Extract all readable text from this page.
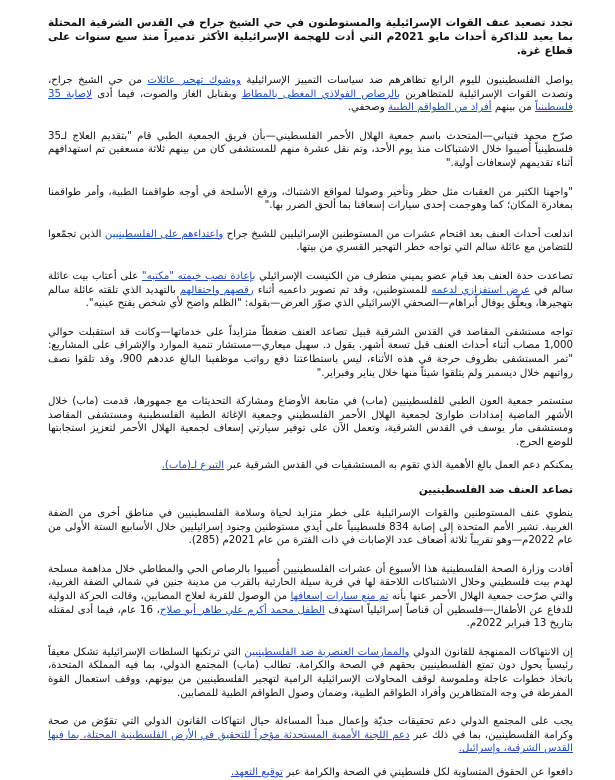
تجدد تصعيد عنف القوات الإسرائيلية والمستوطنون في حي الشيخ جراح في القدس الشرقية المحتلة بما يعيد للذاكرة أحداث مايو 2021م التي أدت للهجمة الإسرائيلية الأكثر تدميراً منذ سبع سنوات على قطاع غزة.

يواصل الفلسطينيون لليوم الرابع تظاهرهم ضد سياسات التمييز الإسرائيلية ووشوك تهجير عائلات من حي الشيخ جراح، وتصدت القوات الإسرائيلية للمتظاهرين بالرصاص الفولاذي المغطى بالمطاط وبقنابل الغاز والصوت، فيما أدى لإصابة 35 فلسطينياً من بينهم أفراد من الطواقم الطبية وصحفي.

صرّح محمد فتياني—المتحدث باسم جمعية الهلال الأحمر الفلسطيني—بأن فريق الجمعية الطبي قام "بتقديم العلاج لـ35 فلسطينياً أُصيبوا خلال الاشتباكات منذ يوم الأحد، وتم نقل عشرة منهم للمستشفى كان من بينهم ثلاثة مسعفين تم استهدافهم أثناء تقديمهم لإسعافات أولية."

"واجهنا الكثير من العقبات مثل حظر وتأخير وصولنا لمواقع الاشتباك، ورفع الأسلحة في أوجه طواقمنا الطبية، وأمر طواقمنا بمغادرة المكان؛ كما وهوجمت إحدى سيارات إسعافنا بما ألحق الضرر بها."

اندلعت أحداث العنف بعد اقتحام عشرات من المستوطنين الإسرائيليين للشيخ جراح واعتداءهم على الفلسطينيين الذين تجمّعوا للتضامن مع عائلة سالم التي تواجه خطر التهجير القسري من بيتها.

تصاعدت حدة العنف بعد قيام عضو يميني متطرف من الكنيست الإسرائيلي بإعادة نصب خيمته "مكتبه" على أعتاب بيت عائلة سالم في عرض استفزازي لدعمه للمستوطنين، وقد تم تصوير داعميه أثناء رقصهم واحتفالهم بالتهديد الذي تلقته عائلة سالم بتهجيرها، ويعلّق يوفال أبراهام—الصحفي الإسرائيلي الذي صوّر العرض—بقوله: "الظلم واضح لأي شخص يفتح عينيه".

تواجه مستشفى المقاصد في القدس الشرقية قبيل تصاعد العنف ضغطاً متزايداً على خدماتها—وكانت قد استقبلت حوالي 1,000 مصاب أثناء أحداث العنف قبل تسعة أشهر. يقول د. سهيل ميعاري—مستشار تنمية الموارد والإشراف على المشاريع: "تمر المستشفى بظروف حرجة في هذه الأثناء، ليس باستطاعتنا دفع رواتب موظفينا البالغ عددهم 900، وقد تلقوا نصف رواتبهم خلال ديسمبر ولم يتلقوا شيئاً منها خلال يناير وفبراير."

ستستمر جمعية العون الطبي للفلسطينيين (ماب) في متابعة الأوضاع ومشاركة التحديثات مع جمهورها، قدمت (ماب) خلال الأشهر الماضية إمدادات طوارئ لجمعية الهلال الأحمر الفلسطيني وجمعية الإغاثة الطبية الفلسطينية ومستشفى المقاصد ومستشفى مار يوسف في القدس الشرقية، وتعمل الآن على توفير سيارتي إسعاف لجمعية الهلال الأحمر لتعزيز استجابتها للوضع الحرج.

يمكنكم دعم العمل بالغ الأهمية الذي تقوم به المستشفيات في القدس الشرقية عبر التبرع لـ(ماب).

تصاعد العنف ضد الفلسطينيين

ينطوي عنف المستوطنين والقوات الإسرائيلية على خطر متزايد لحياة وسلامة الفلسطينيين في مناطق أخرى من الضفة الغربية. تشير الأمم المتحدة إلى إصابة 834 فلسطينياً على أيدي مستوطنين وجنود إسرائيليين خلال الأسابيع الستة الأولى من عام 2022م—وهو تقريباً ثلاثة أضعاف عدد الإصابات في ذات الفترة من عام 2021م (285).

أفادت وزارة الصحة الفلسطينية هذا الأسبوع أن عشرات الفلسطينيين أُصيبوا بالرصاص الحي والمطاطي خلال مداهمة مسلحة لهدم بيت فلسطيني وخلال الاشتباكات اللاحقة لها في قرية سيلة الحارثية بالقرب من مدينة جنين في شمالي الضفة الغربية، والتي صرّحت جمعية الهلال الأحمر عنها بأنه تم منع سيارات إسعافها من الوصول للقرية لعلاج المصابين، وقالت الحركة الدولية للدفاع عن الأطفال—فلسطين أن قناصاً إسرائيلياً استهدف الطفل محمد أكرم علي طاهر أبو صلاح، 16 عام، فيما أدى لمقتله بتاريخ 13 فبراير 2022م.

إن الانتهاكات الممنهجة للقانون الدولي والممارسات العنصرية ضد الفلسطينيين التي ترتكبها السلطات الإسرائيلية تشكل معيقاً رئيسياً يحول دون تمتع الفلسطينيين بحقهم في الصحة والكرامة. تطالب (ماب) المجتمع الدولي، بما فيه المملكة المتحدة، باتخاذ خطوات عاجلة وملموسة لوقف المحاولات الإسرائيلية الرامية لتهجير الفلسطينيين من بيوتهم، ووقف استعمال القوة المفرطة في وجه المتظاهرين وأفراد الطواقم الطبية، وضمان وصول الطواقم الطبية للمصابين.

يجب على المجتمع الدولي دعم تحقيقات جديّة وإعمال مبدأ المساءلة حيال انتهاكات القانون الدولي التي تقوّض من صحة وكرامة الفلسطينيين، بما في ذلك عبر دعم اللجنة الأممية المستحدثة مؤخراً للتحقيق في الأرض الفلسطينية المحتلة، بما فيها القدس الشرقية، وإسرائيل.

دافعوا عن الحقوق المتساوية لكل فلسطيني في الصحة والكرامة عبر توقيع التعهد.
